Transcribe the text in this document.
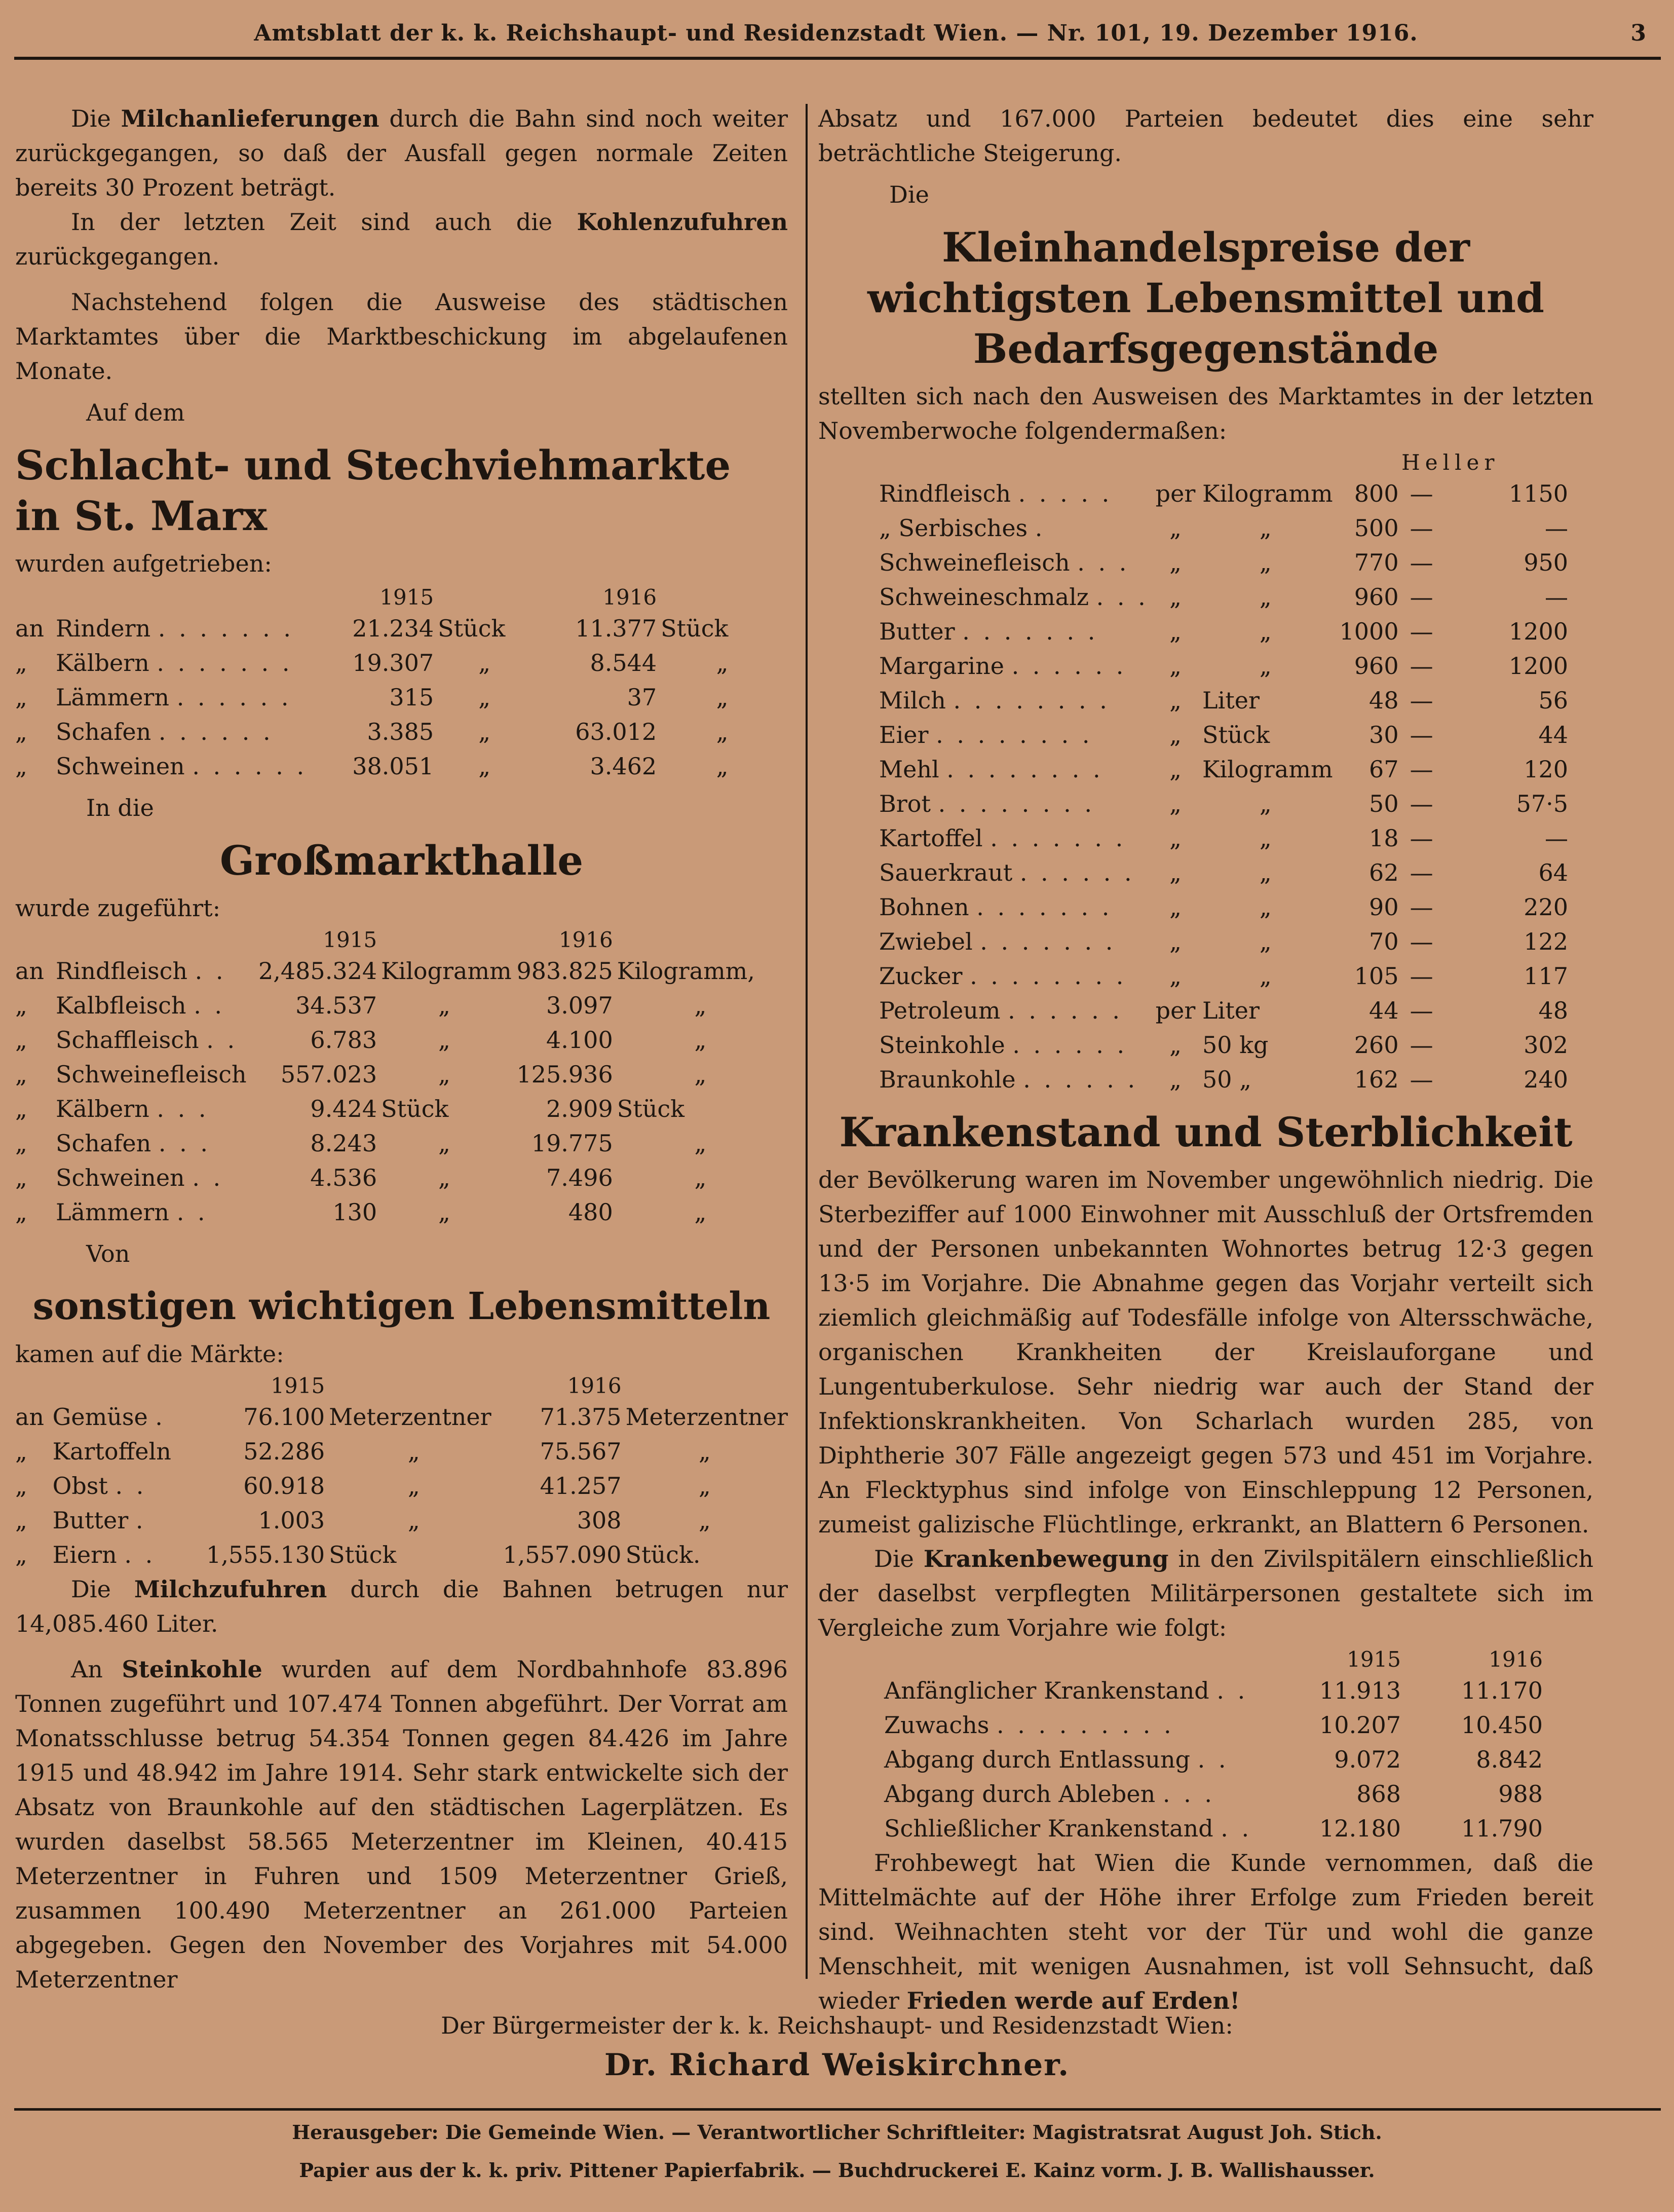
Amtsblatt der k. k. Reichshaupt- und Residenzstadt Wien. — Nr. 101, 19. Dezember 1916.	3

Die Milchanlieferungen durch die Bahn sind noch weiter zurückgegangen, so daß der Ausfall gegen normale Zeiten bereits 30 Prozent beträgt.

In der letzten Zeit sind auch die Kohlenzufuhren zurückgegangen.

Nachstehend folgen die Ausweise des städtischen Marktamtes über die Marktbeschickung im abgelaufenen Monate.

Auf dem
Schlacht- und Stechviehmarkte in St. Marx
wurden aufgetrieben:
		1915		1916	
an	Rindern . . . . . . .	21.234	Stück	11.377	Stück
„	Kälbern . . . . . . .	19.307	„	8.544	„
„	Lämmern . . . . . .	315	„	37	„
„	Schafen . . . . . .	3.385	„	63.012	„
„	Schweinen . . . . . .	38.051	„	3.462	„
In die
Großmarkthalle
wurde zugeführt:
		1915		1916	
an	Rindfleisch . .	2,485.324	Kilogramm	983.825	Kilogramm,
„	Kalbfleisch . .	34.537	„	3.097	„
„	Schaffleisch . .	6.783	„	4.100	„
„	Schweinefleisch	557.023	„	125.936	„
„	Kälbern . . .	9.424	Stück	2.909	Stück
„	Schafen . . .	8.243	„	19.775	„
„	Schweinen . .	4.536	„	7.496	„
„	Lämmern . .	130	„	480	„
Von
sonstigen wichtigen Lebensmitteln
kamen auf die Märkte:
		1915		1916	
an	Gemüse .	76.100	Meterzentner	71.375	Meterzentner
„	Kartoffeln	52.286	„	75.567	„
„	Obst . .	60.918	„	41.257	„
„	Butter .	1.003	„	308	„
„	Eiern . .	1,555.130	Stück	1,557.090	Stück.

Die Milchzufuhren durch die Bahnen betrugen nur 14,085.460 Liter.

An Steinkohle wurden auf dem Nordbahnhofe 83.896 Tonnen zugeführt und 107.474 Tonnen abgeführt. Der Vorrat am Monatsschlusse betrug 54.354 Tonnen gegen 84.426 im Jahre 1915 und 48.942 im Jahre 1914. Sehr stark entwickelte sich der Absatz von Braunkohle auf den städtischen Lagerplätzen. Es wurden daselbst 58.565 Meterzentner im Kleinen, 40.415 Meterzentner in Fuhren und 1509 Meterzentner Grieß, zusammen 100.490 Meterzentner an 261.000 Parteien abgegeben. Gegen den November des Vorjahres mit 54.000 Meterzentner

Absatz und 167.000 Parteien bedeutet dies eine sehr beträchtliche Steigerung.

Die
Kleinhandelspreise der wichtigsten Lebensmittel und Bedarfsgegenstände

stellten sich nach den Ausweisen des Marktamtes in der letzten Novemberwoche folgendermaßen:

			Heller		
Rindfleisch . . . . .	per	Kilogramm	800	—	1150
„ Serbisches .	„	„	500	—	—
Schweinefleisch . . .	„	„	770	—	950
Schweineschmalz . . .	„	„	960	—	—
Butter . . . . . . .	„	„	1000	—	1200
Margarine . . . . . .	„	„	960	—	1200
Milch . . . . . . . .	„	Liter	48	—	56
Eier . . . . . . . .	„	Stück	30	—	44
Mehl . . . . . . . .	„	Kilogramm	67	—	120
Brot . . . . . . . .	„	„	50	—	57·5
Kartoffel . . . . . . .	„	„	18	—	—
Sauerkraut . . . . . .	„	„	62	—	64
Bohnen . . . . . . .	„	„	90	—	220
Zwiebel . . . . . . .	„	„	70	—	122
Zucker . . . . . . . .	„	„	105	—	117
Petroleum . . . . . .	per	Liter	44	—	48
Steinkohle . . . . . .	„	50 kg	260	—	302
Braunkohle . . . . . .	„	50 „	162	—	240
Krankenstand und Sterblichkeit

der Bevölkerung waren im November ungewöhnlich niedrig. Die Sterbeziffer auf 1000 Einwohner mit Ausschluß der Ortsfremden und der Personen unbekannten Wohnortes betrug 12·3 gegen 13·5 im Vorjahre. Die Abnahme gegen das Vorjahr verteilt sich ziemlich gleichmäßig auf Todesfälle infolge von Altersschwäche, organischen Krankheiten der Kreislauforgane und Lungentuberkulose. Sehr niedrig war auch der Stand der Infektionskrankheiten. Von Scharlach wurden 285, von Diphtherie 307 Fälle angezeigt gegen 573 und 451 im Vorjahre. An Flecktyphus sind infolge von Einschleppung 12 Personen, zumeist galizische Flüchtlinge, erkrankt, an Blattern 6 Personen.

Die Krankenbewegung in den Zivilspitälern einschließlich der daselbst verpflegten Militärpersonen gestaltete sich im Vergleiche zum Vorjahre wie folgt:

	1915	1916
Anfänglicher Krankenstand . .	11.913	11.170
Zuwachs . . . . . . . . .	10.207	10.450
Abgang durch Entlassung . .	9.072	8.842
Abgang durch Ableben . . .	868	988
Schließlicher Krankenstand . .	12.180	11.790

Frohbewegt hat Wien die Kunde vernommen, daß die Mittelmächte auf der Höhe ihrer Erfolge zum Frieden bereit sind. Weihnachten steht vor der Tür und wohl die ganze Menschheit, mit wenigen Ausnahmen, ist voll Sehnsucht, daß wieder Frieden werde auf Erden!

Der Bürgermeister der k. k. Reichshaupt- und Residenzstadt Wien:
Dr. Richard Weiskirchner.
Herausgeber: Die Gemeinde Wien. — Verantwortlicher Schriftleiter: Magistratsrat August Joh. Stich.
Papier aus der k. k. priv. Pittener Papierfabrik. — Buchdruckerei E. Kainz vorm. J. B. Wallishausser.
